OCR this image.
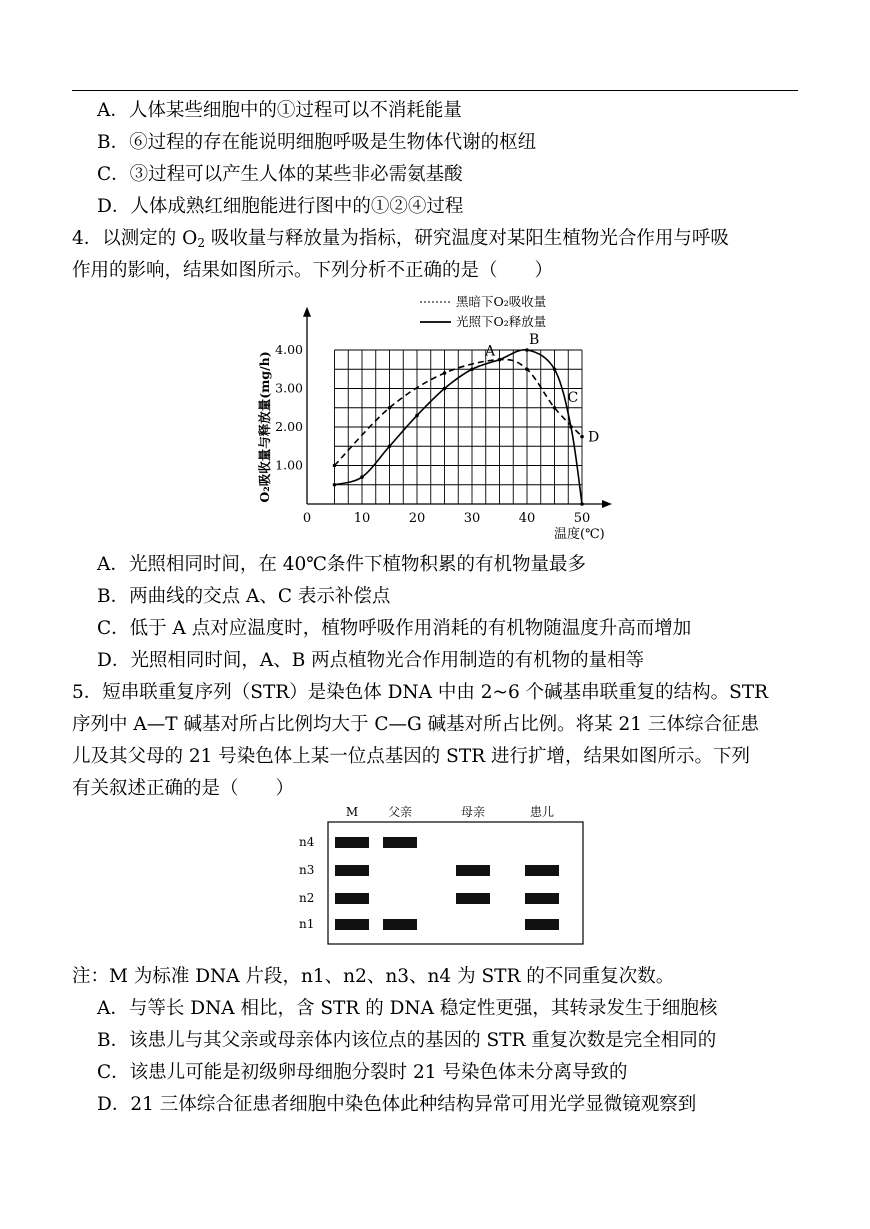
A．人体某些细胞中的①过程可以不消耗能量
B．⑥过程的存在能说明细胞呼吸是生物体代谢的枢纽
C．③过程可以产生人体的某些非必需氨基酸
D．人体成熟红细胞能进行图中的①②④过程
4．以测定的 $O_2$ 吸收量与释放量为指标，研究温度对某阳生植物光合作用与呼吸
作用的影响，结果如图所示。下列分析不正确的是（　　）
0	10	20	30	40	50
1.00
2.00
3.00
4.00
温度(℃)
O₂吸收量与释放量(mg/h)	A
B
C
D
黑暗下O₂吸收量
光照下O₂释放量
A．光照相同时间，在 40℃条件下植物积累的有机物量最多
B．两曲线的交点 A、C 表示补偿点
C．低于 A 点对应温度时，植物呼吸作用消耗的有机物随温度升高而增加
D．光照相同时间，A、B 两点植物光合作用制造的有机物的量相等
5．短串联重复序列（STR）是染色体 DNA 中由 2~6 个碱基串联重复的结构。STR
序列中 A—T 碱基对所占比例均大于 C—G 碱基对所占比例。将某 21 三体综合征患
儿及其父母的 21 号染色体上某一位点基因的 STR 进行扩增，结果如图所示。下列
有关叙述正确的是（　　）
M 父亲	母亲	患儿
n4
n3
n2
n1
注：M 为标准 DNA 片段，n1、n2、n3、n4 为 STR 的不同重复次数。
A．与等长 DNA 相比，含 STR 的 DNA 稳定性更强，其转录发生于细胞核
B．该患儿与其父亲或母亲体内该位点的基因的 STR 重复次数是完全相同的
C．该患儿可能是初级卵母细胞分裂时 21 号染色体未分离导致的
D．21 三体综合征患者细胞中染色体此种结构异常可用光学显微镜观察到
